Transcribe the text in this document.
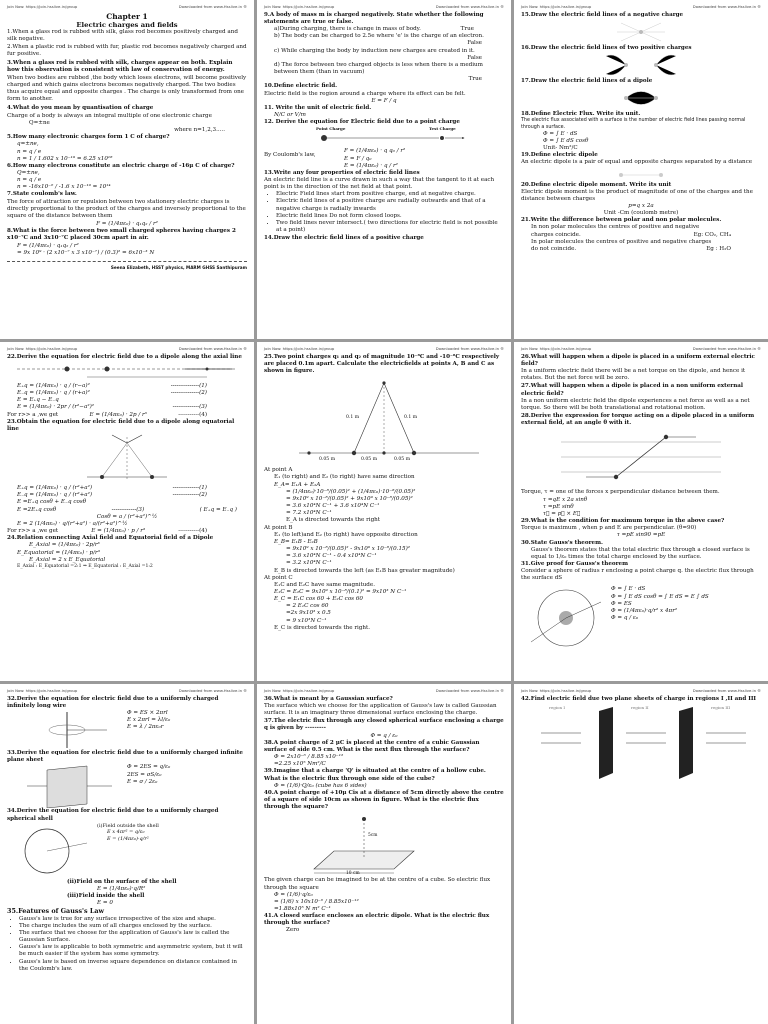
Join Now: https://join.hsslive.in/group	Downloaded from www.Hsslive.in ®
Chapter 1
Electric charges and fields
1.When a glass rod is rubbed with silk, glass rod becomes positively charged and silk negative.
2.When a plastic rod is rubbed with fur, plastic rod becomes negatively charged and fur positive.
3.When a glass rod is rubbed with silk, charges appear on both. Explain how this observation is consistent with law of conservation of energy.
When two bodies are rubbed ,the body which loses electrons, will become positively charged and which gains electrons becomes negatively charged. The two bodies thus acquire equal and opposite charges . The charge is only transformed from one form to another.
4.What do you mean by quantisation of charge
Charge of a body is always an integral multiple of one electronic charge
Q=±ne
where n=1,2,3.....
5.How many electronic charges form 1 C of charge?
q=±ne,
n = q / e
n = 1 / 1.602 x 10⁻¹⁹ = 6.25 x10¹⁸
6.How many electrons constitute an electric charge of -16μ C of charge?
Q=±ne,
n = q / e
n = -16x10⁻⁶ / -1.6 x 10⁻¹⁹ = 10¹⁴
7.State coulomb's law.
The force of attraction or repulsion between two stationery electric charges is directly proportional to the product of the charges and inversely proportional to the square of the distance between them
F = (1/4πε₀) · q₁q₂ / r²
8.What is the force between two small charged spheres having charges 2 x10⁻⁷C and 3x10⁻⁷C placed 30cm apart in air.
F = (1/4πε₀) · q₁q₂ / r²
= 9x 10⁹ · (2 x10⁻⁷ x 3 x10⁻⁷) / (0.3)² = 6x10⁻³ N
Seena Elizabeth, HSST physics, MARM GHSS Santhipuram
Join Now: https://join.hsslive.in/group	Downloaded from www.Hsslive.in ®
9.A body of mass m is charged negatively. State whether the following statements are true or false.
a)During charging, there is change in mass of body.	True
b) The body can be charged to 2.5e where 'e' is the charge of an electron.
False
c) While charging the body by induction new charges are created in it.
False
d) The force between two charged objects is less when there is a medium between them (than in vacuum)
True
10.Define electric field.
Electric field is the region around a charge where its effect can be felt.
E = F / q
11. Write the unit of electric field.
N/C or V/m
12. Derive the equation for Electric field due to a point charge
Point Charge	Test Charge
By Coulomb's law,
F = (1/4πε₀) · q q₀ / r²
E = F / q₀
E = (1/4πε₀) · q / r²
13.Write any four properties of electric field lines
An electric field line is a curve drawn in such a way that the tangent to it at each point is in the direction of the net field at that point.
• Electric Field lines start from positive charge, end at negative charge.
• Electric field lines of a positive charge are radially outwards and that of a negative charge is radially inwards
• Electric field lines Do not form closed loops.
• Two field lines never intersect.( two directions for electric field is not possible at a point)
14.Draw the electric field lines of a positive charge
Join Now: https://join.hsslive.in/group	Downloaded from www.Hsslive.in ®
15.Draw the electric field lines of a negative charge
16.Draw the electric field lines of two positive charges
17.Draw the electric field lines of a dipole
18.Define Electric Flux. Write its unit.
The electric flux associated with a surface is the number of electric field lines passing normal through a surface.
Φ = ∫ E · dS
Φ = ∫ E dS cosθ
Unit- Nm²/C
19.Define electric dipole
An electric dipole is a pair of equal and opposite charges separated by a distance
20.Define electric dipole moment. Write its unit
Electric dipole moment is the product of magnitude of one of the charges and the distance between charges
p=q x 2a
Unit -Cm (coulomb metre)
21.Write the difference between polar and non polar molecules.
In non polar molecules the centres of positive and negative
charges coincide.	Eg: CO₂, CH₄
In polar molecules the centres of positive and negative charges
do not coincide.	Eg : H₂O
Join Now: https://join.hsslive.in/group	Downloaded from www.Hsslive.in ®
22.Derive the equation for electric field due to a dipole along the axial line
E₊q = (1/4πε₀) · q / (r−a)²	---------------(1)
E₋q = (1/4πε₀) · q / (r+a)²	---------------(2)
E = E₊q − E₋q
E = (1/4πε₀) · 2pr / (r²−a²)²	--------------(3)
For r>> a ,we get	E = (1/4πε₀) · 2p / r³	-----------(4)
23.Obtain the equation for electric field due to a dipole along equatorial line
E₊q = (1/4πε₀) · q / (r²+a²)	--------------(1)
E₋q = (1/4πε₀) · q / (r²+a²)	--------------(2)
E =E₊q cosθ + E₋q cosθ
E =2E₊q cosθ	-------------(3)	( E₊q = E₋q )
Cosθ = a / (r²+a²)^½
E = 2 (1/4πε₀) · q/(r²+a²) · a/(r²+a²)^½
For r>> a ,we get	E = (1/4πε₀) · p / r³	-----------(4)
24.Relation connecting Axial field and Equatorial field of a Dipole
E_Axial = (1/4πε₀) · 2p/r³
E_Equatorial = (1/4πε₀) · p/r³
E_Axial = 2 x E_Equatorial
E_Axial : E_Equatorial =2:1 ⇒ E_Equatorial : E_Axial =1:2
Join Now: https://join.hsslive.in/group	Downloaded from www.Hsslive.in ®
25.Two point charges q₁ and q₂ of magnitude 10⁻⁸C and -10⁻⁸C respectively are placed 0.1m apart. Calculate the electricfields at points A, B and C as shown in figure.
0.1 m	0.1 m
0.05 m	0.05 m	0.05 m
At point A
E₁ (to right) and E₂ (to right) have same direction
E_A= E₁A + E₂A
= (1/4πε₀)·10⁻⁸/(0.05)² + (1/4πε₀)·10⁻⁸/(0.05)²
= 9x10⁹ x 10⁻⁸/(0.05)² + 9x10⁹ x 10⁻⁸/(0.05)²
= 3.6 x10⁴N C⁻¹ + 3.6 x10⁴N C⁻¹
= 7.2 x10⁴N C⁻¹
E_A is directed towards the right
At point B
E₁ (to left)and E₂ (to right) have opposite direction
E_B= E₁B - E₂B
= 9x10⁹ x 10⁻⁸/(0.05)² - 9x10⁹ x 10⁻⁸/(0.15)²
= 3.6 x10⁴N C⁻¹ - 0.4 x10⁴N C⁻¹
= 3.2 x10⁴N C⁻¹
E_B is directed towards the left (as E₁B has greater magnitude)
At point C
E₁C and E₂C have same magnitude.
E₁C = E₂C = 9x10⁹ x 10⁻⁸/(0.1)² = 9x10³ N C⁻¹
E_C = E₁C cos 60 + E₂C cos 60
= 2 E₁C cos 60
=2x 9x10³ x 0.5
= 9 x10³N C⁻¹
E_C is directed towards the right.
Join Now: https://join.hsslive.in/group	Downloaded from www.Hsslive.in ®
26.What will happen when a dipole is placed in a uniform external electric field?
In a uniform electric field there will be a net torque on the dipole, and hence it rotates. But the net force will be zero.
27.What will happen when a dipole is placed in a non uniform external electric field?
In a non uniform electric field the dipole experiences a net force as well as a net torque. So there will be both translational and rotational motion.
28.Derive the expression for torque acting on a dipole placed in a uniform external field, at an angle θ with it.
Torque, τ = one of the forces x perpendicular distance between them.
τ =qE x 2a sinθ
τ =pE sinθ
τ⃗ = p⃗ × E⃗
29.What is the condition for maximum torque in the above case?
Torque is maximum , when p and E are perpendicular. (θ=90)
τ =pE sin90 =pE
30.State Gauss's theorem.
Gauss's theorem states that the total electric flux through a closed surface is equal to 1/ε₀ times the total charge enclosed by the surface.
31.Give proof for Gauss's theorem
Consider a sphere of radius r enclosing a point charge q. the electric flux through the surface dS
Φ = ∫ E · dS
Φ = ∫ E dS cosθ = ∫ E dS = E ∫ dS
Φ = ES
Φ = (1/4πε₀)·q/r² x 4πr²
Φ = q / ε₀
Join Now: https://join.hsslive.in/group	Downloaded from www.Hsslive.in ®
32.Derive the equation for electric field due to a uniformly charged infinitely long wire
Φ = ES × 2πrl
E x 2πrl = λl/ε₀
E = λ / 2πε₀r
33.Derive the equation for electric field due to a uniformly charged infinite plane sheet
Φ = 2ES = q/ε₀
2ES = σS/ε₀
E = σ / 2ε₀
34.Derive the equation for electric field due to a uniformly charged spherical shell
(i)Field outside the shell
E x 4πr² = q/ε₀
E = (1/4πε₀)·q/r²
(ii)Field on the surface of the shell
E = (1/4πε₀)·q/R²
(iii)Field inside the shell
E = 0
35.Features of Gauss's Law
• Gauss's law is true for any surface irrespective of the size and shape.
• The charge includes the sum of all charges enclosed by the surface.
• The surface that we choose for the application of Gauss's law is called the Gaussian Surface.
• Gauss's law is applicable to both symmetric and asymmetric system, but it will be much easier if the system has some symmetry.
• Gauss's law is based on inverse square dependence on distance contained in the Coulomb's law.
Join Now: https://join.hsslive.in/group	Downloaded from www.Hsslive.in ®
36.What is meant by a Gaussian surface?
The surface which we choose for the application of Gauss's law is called Gaussian surface. It is an imaginary three dimensional surface enclosing the charge.
37.The electric flux through any closed spherical surface enclosing a charge q is given by ---------
Φ = q / ε₀
38.A point charge of 2 μC is placed at the centre of a cubic Gaussian surface of side 0.5 cm. What is the next flux through the surface?
Φ = 2x10⁻⁶ / 8.85 x10⁻¹²
=2.25 x10⁵ Nm²/C
39.Imagine that a charge 'Q' is situated at the centre of a hollow cube. What is the electric flux through one side of the cube?
Φ = (1/6)·Q/ε₀ (cube has 6 sides)
40.A point charge of +10μ Cis at a distance of 5cm directly above the centre of a square of side 10cm as shown in figure. What is the electric flux through the square?
5cm
10 cm
The given charge can be imagined to be at the centre of a cube. So electric flux through the square
Φ = (1/6)·q/ε₀
= (1/6) x 10x10⁻⁶ / 8.85x10⁻¹²
=1.88x10⁵ N m² C⁻¹
41.A closed surface encloses an electric dipole. What is the electric flux through the surface?
Zero
Join Now: https://join.hsslive.in/group	Downloaded from www.Hsslive.in ®
42.Find electric field due two plane sheets of charge in regions I ,II and III
region I	region II	region III
